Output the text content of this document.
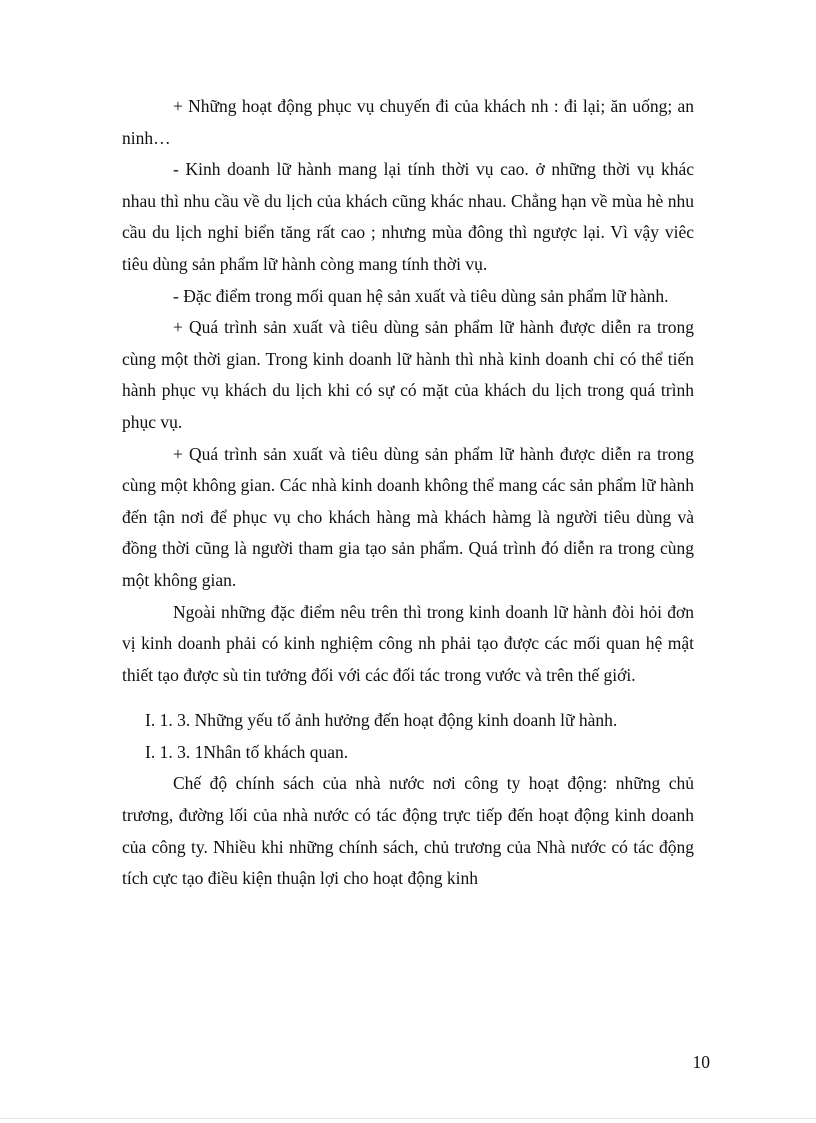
+ Những hoạt động phục vụ chuyến đi của khách nh : đi lại; ăn uống; an ninh…

- Kinh doanh lữ hành mang lại tính thời vụ cao. ở những thời vụ khác nhau thì nhu cầu về du lịch của khách cũng khác nhau. Chẳng hạn về mùa hè nhu cầu du lịch nghỉ biển tăng rất cao ; nhưng mùa đông thì ngược lại. Vì vậy viêc tiêu dùng sản phẩm lữ hành còng mang tính thời vụ.

- Đặc điểm trong mối quan hệ sản xuất và tiêu dùng sản phẩm lữ hành.

+ Quá trình sản xuất và tiêu dùng sản phẩm lữ hành được diễn ra trong cùng một thời gian. Trong kinh doanh lữ hành thì nhà kinh doanh chỉ có thể tiến hành phục vụ khách du lịch khi có sự có mặt của khách du lịch trong quá trình phục vụ.

+ Quá trình sản xuất và tiêu dùng sản phẩm lữ hành được diễn ra trong cùng một không gian. Các nhà kinh doanh không thể mang các sản phẩm lữ hành đến tận nơi để phục vụ cho khách hàng mà khách hàmg là người tiêu dùng và đồng thời cũng là người tham gia tạo sản phẩm. Quá trình đó diễn ra trong cùng một không gian.

Ngoài những đặc điểm nêu trên thì trong kinh doanh lữ hành đòi hỏi đơn vị kinh doanh phải có kinh nghiệm công nh phải tạo được các mối quan hệ mật thiết tạo được sù tin tưởng đối với các đối tác trong vước và trên thế giới.

I. 1. 3. Những yếu tố ảnh hưởng đến hoạt động kinh doanh lữ hành.

I. 1. 3. 1Nhân tố khách quan.

Chế độ chính sách của nhà nước nơi công ty hoạt động: những chủ trương, đường lối của nhà nước có tác động trực tiếp đến hoạt động kinh doanh của công ty. Nhiều khi những chính sách, chủ trương của Nhà nước có tác động tích cực tạo điều kiện thuận lợi cho hoạt động kinh

10
